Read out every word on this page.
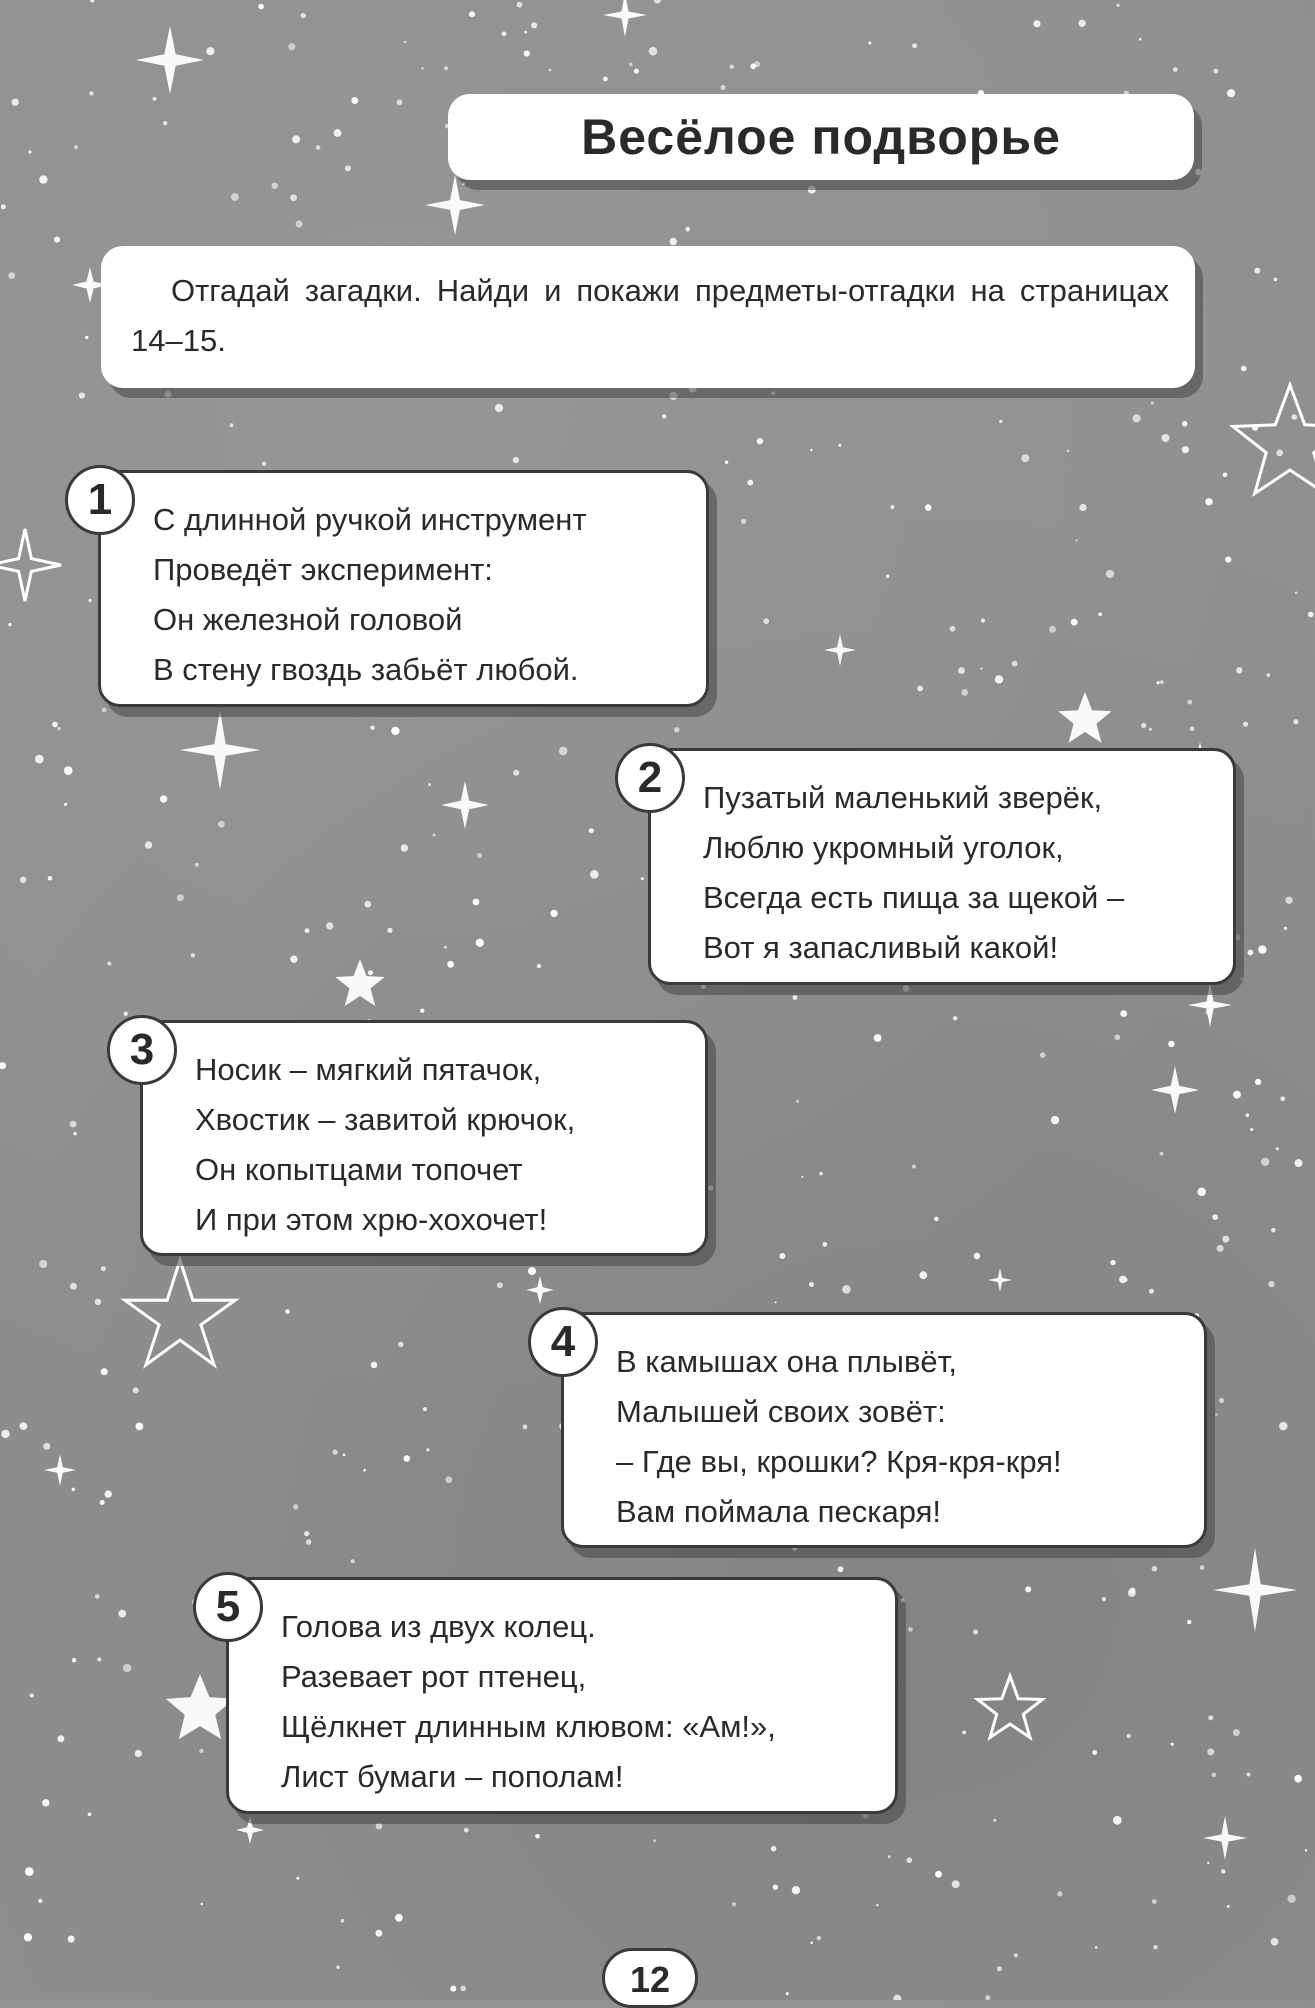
Весёлое подворье
Отгадай загадки. Найди и покажи предметы-отгадки на страницах 14–15.
1	С длинной ручкой инструмент
Проведёт эксперимент:
Он железной головой
В стену гвоздь забьёт любой.
2	Пузатый маленький зверёк,
Люблю укромный уголок,
Всегда есть пища за щекой –
Вот я запасливый какой!
3	Носик – мягкий пятачок,
Хвостик – завитой крючок,
Он копытцами топочет
И при этом хрю-хохочет!
4	В камышах она плывёт,
Малышей своих зовёт:
– Где вы, крошки? Кря-кря-кря!
Вам поймала пескаря!
5	Голова из двух колец.
Разевает рот птенец,
Щёлкнет длинным клювом: «Ам!»,
Лист бумаги – пополам!
12
